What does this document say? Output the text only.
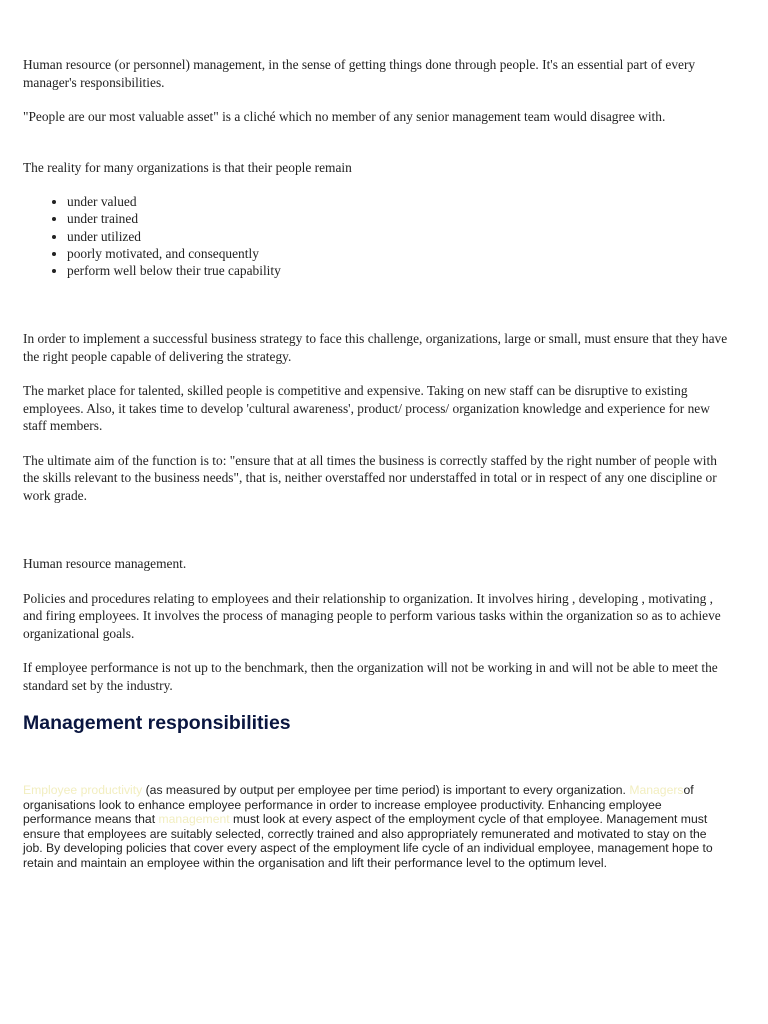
Human resource (or personnel) management, in the sense of getting things done through people. It's an essential part of every manager's responsibilities.

"People are our most valuable asset" is a cliché which no member of any senior management team would disagree with.

The reality for many organizations is that their people remain

• under valued
• under trained
• under utilized
• poorly motivated, and consequently
• perform well below their true capability

In order to implement a successful business strategy to face this challenge, organizations, large or small, must ensure that they have the right people capable of delivering the strategy.

The market place for talented, skilled people is competitive and expensive. Taking on new staff can be disruptive to existing employees. Also, it takes time to develop 'cultural awareness', product/ process/ organization knowledge and experience for new staff members.

The ultimate aim of the function is to: "ensure that at all times the business is correctly staffed by the right number of people with the skills relevant to the business needs", that is, neither overstaffed nor understaffed in total or in respect of any one discipline or work grade.

Human resource management.

Policies and procedures relating to employees and their relationship to organization. It involves hiring , developing , motivating , and firing employees. It involves the process of managing people to perform various tasks within the organization so as to achieve organizational goals.

If employee performance is not up to the benchmark, then the organization will not be working in and will not be able to meet the standard set by the industry.

Management responsibilities

Employee productivity (as measured by output per employee per time period) is important to every organization. Managersof organisations look to enhance employee performance in order to increase employee productivity. Enhancing employee performance means that management must look at every aspect of the employment cycle of that employee. Management must ensure that employees are suitably selected, correctly trained and also appropriately remunerated and motivated to stay on the job. By developing policies that cover every aspect of the employment life cycle of an individual employee, management hope to retain and maintain an employee within the organisation and lift their performance level to the optimum level.
